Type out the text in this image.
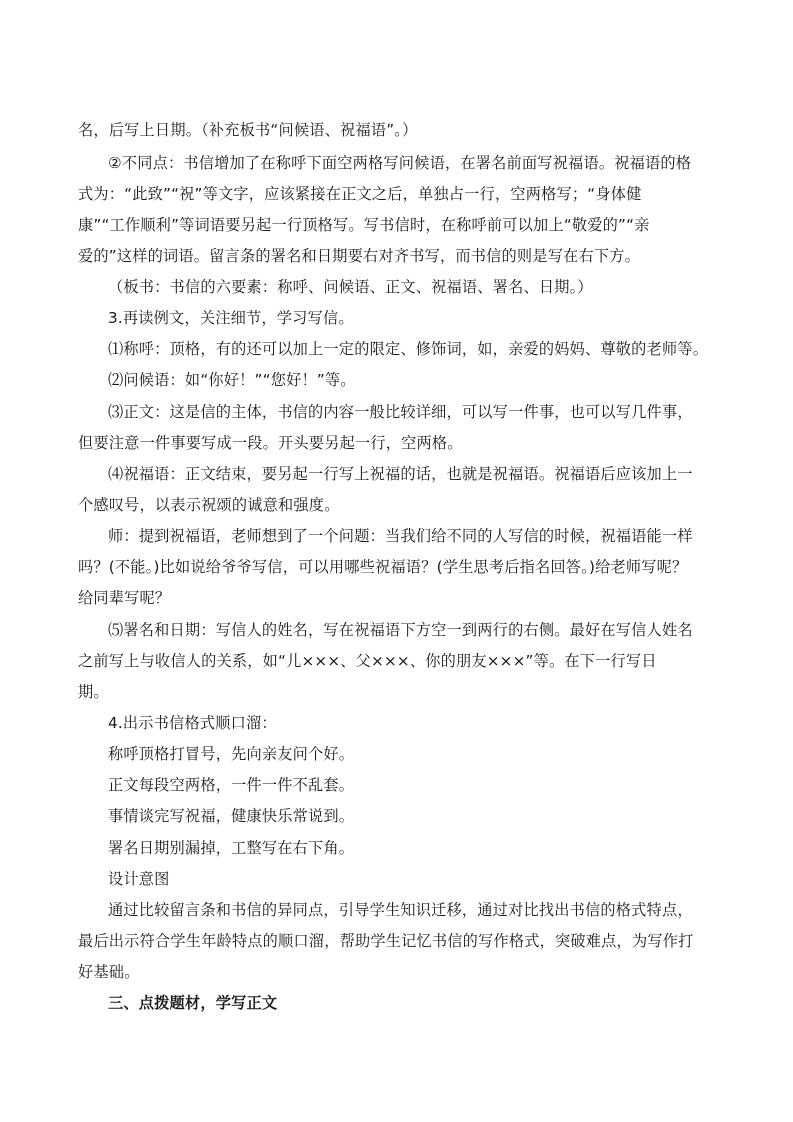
名，后写上日期。（补充板书“问候语、祝福语”。）
②不同点：书信增加了在称呼下面空两格写问候语，在署名前面写祝福语。祝福语的格
式为：“此致”“祝”等文字，应该紧接在正文之后，单独占一行，空两格写；“身体健
康”“工作顺利”等词语要另起一行顶格写。写书信时，在称呼前可以加上“敬爱的”“亲
爱的”这样的词语。留言条的署名和日期要右对齐书写，而书信的则是写在右下方。
（板书：书信的六要素：称呼、问候语、正文、祝福语、署名、日期。）
3.再读例文，关注细节，学习写信。
⑴称呼：顶格，有的还可以加上一定的限定、修饰词，如，亲爱的妈妈、尊敬的老师等。
⑵问候语：如“你好！”“您好！”等。
⑶正文：这是信的主体，书信的内容一般比较详细，可以写一件事，也可以写几件事，
但要注意一件事要写成一段。开头要另起一行，空两格。
⑷祝福语：正文结束，要另起一行写上祝福的话，也就是祝福语。祝福语后应该加上一
个感叹号，以表示祝颂的诚意和强度。
师：提到祝福语，老师想到了一个问题：当我们给不同的人写信的时候，祝福语能一样
吗？(不能。)比如说给爷爷写信，可以用哪些祝福语？(学生思考后指名回答。)给老师写呢？
给同辈写呢？
⑸署名和日期：写信人的姓名，写在祝福语下方空一到两行的右侧。最好在写信人姓名
之前写上与收信人的关系，如“儿×××、父×××、你的朋友×××”等。在下一行写日
期。
4.出示书信格式顺口溜：
称呼顶格打冒号，先向亲友问个好。
正文每段空两格，一件一件不乱套。
事情谈完写祝福，健康快乐常说到。
署名日期别漏掉，工整写在右下角。
设计意图
通过比较留言条和书信的异同点，引导学生知识迁移，通过对比找出书信的格式特点，
最后出示符合学生年龄特点的顺口溜，帮助学生记忆书信的写作格式，突破难点，为写作打
好基础。
三、点拨题材，学写正文
